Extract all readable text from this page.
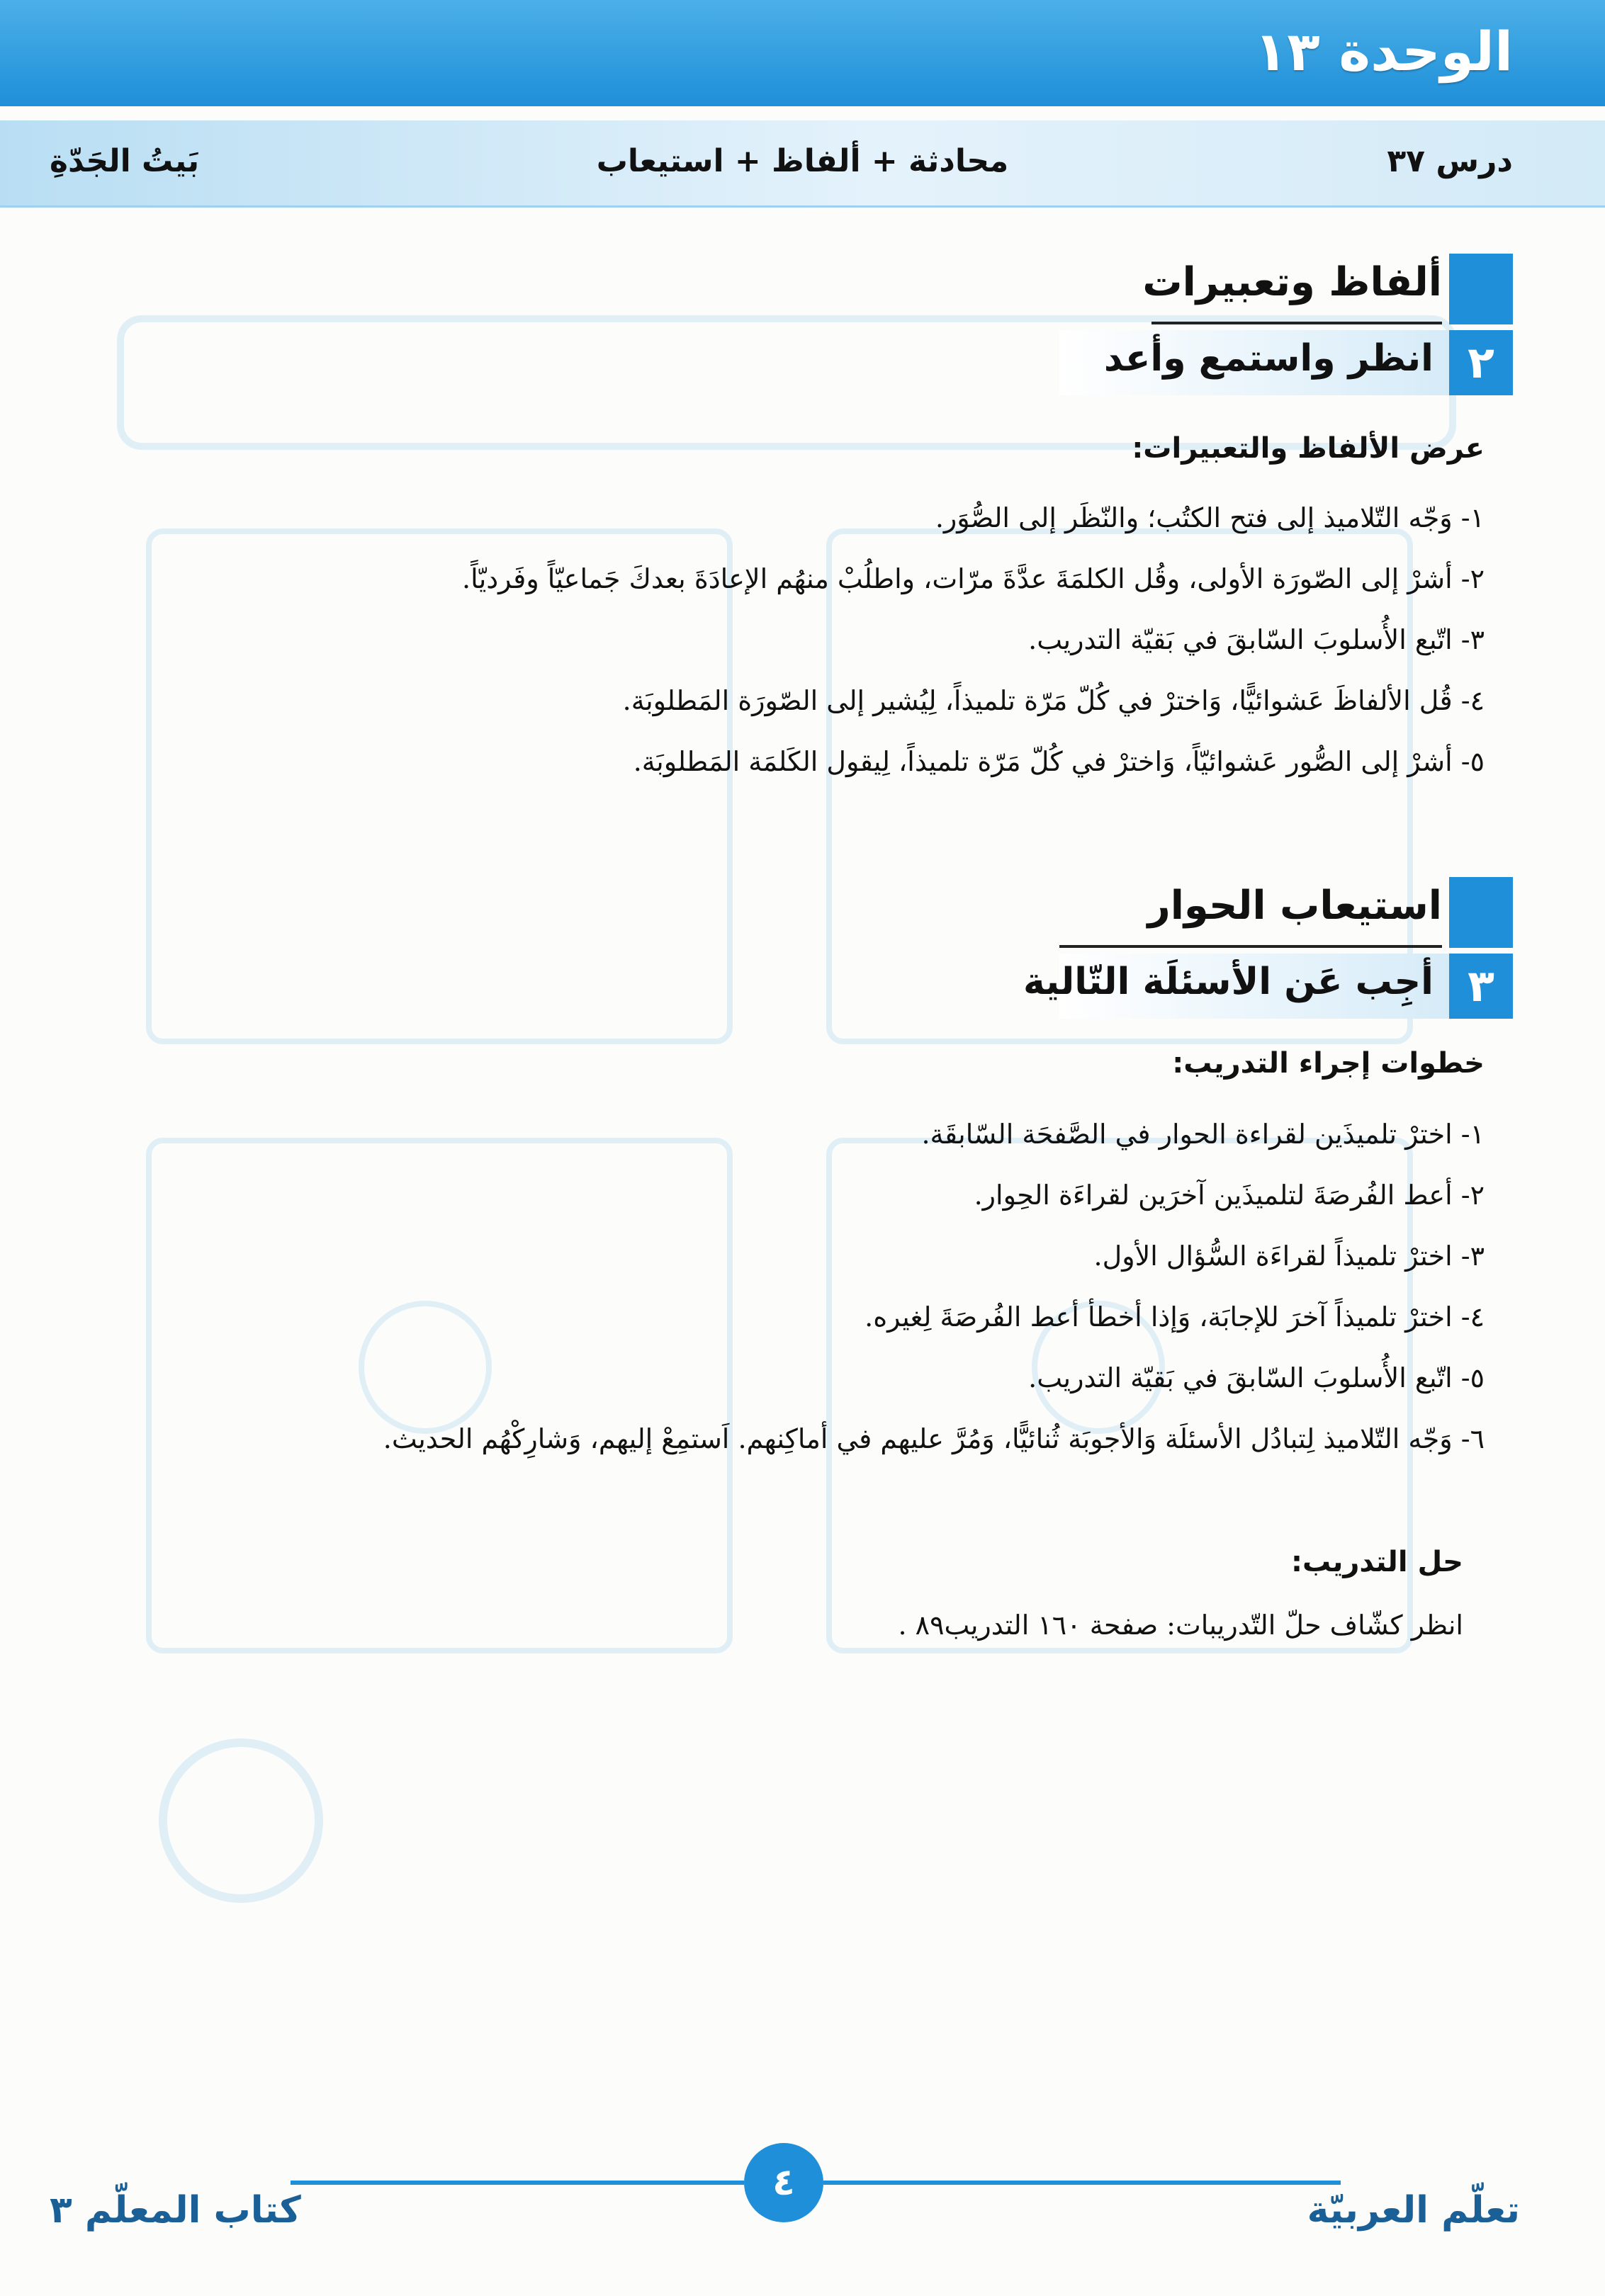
الوحدة ١٣
درس ٣٧
محادثة + ألفاظ + استيعاب
بَيتُ الجَدّةِ
ألفاظ وتعبيرات
٢
انظر واستمع وأعد
عرض الألفاظ والتعبيرات:
١- وَجّه التّلاميذ إلى فتح الكتُب؛ والنّظَر إلى الصُّوَر.
٢- أشرْ إلى الصّورَة الأولى، وقُل الكلمَةَ عدَّةَ مرّات، واطلُبْ منهُم الإعادَةَ بعدكَ جَماعيّاً وفَرديّاً.
٣- اتّبع الأُسلوبَ السّابقَ في بَقيّة التدريب.
٤- قُل الألفاظَ عَشوائيًّا، وَاخترْ في كُلّ مَرّة تلميذاً، لِيُشير إلى الصّورَة المَطلوبَة.
٥- أشرْ إلى الصُّور عَشوائيّاً، وَاخترْ في كُلّ مَرّة تلميذاً، لِيقول الكَلمَة المَطلوبَة.
استيعاب الحوار
٣
أجِب عَن الأسئلَة التّالية
خطوات إجراء التدريب:
١- اخترْ تلميذَين لقراءة الحوار في الصَّفحَة السّابقَة.
٢- أعط الفُرصَةَ لتلميذَين آخرَين لقراءَة الحِوار.
٣- اخترْ تلميذاً لقراءَة السُّؤال الأول.
٤- اخترْ تلميذاً آخرَ للإجابَة، وَإذا أخطأ أعط الفُرصَةَ لِغيره.
٥- اتّبع الأُسلوبَ السّابقَ في بَقيّة التدريب.
٦- وَجّه التّلاميذ لِتبادُل الأسئلَة وَالأجوبَة ثُنائيًّا، وَمُرَّ عليهم في أماكِنهم. اَستمِعْ إليهم، وَشارِكْهُم الحديث.
حل التدريب:
انظر كشّاف حلّ التّدريبات: صفحة ١٦٠ التدريب٨٩ .
٤
تعلّم العربيّة
كتاب المعلّم ٣
